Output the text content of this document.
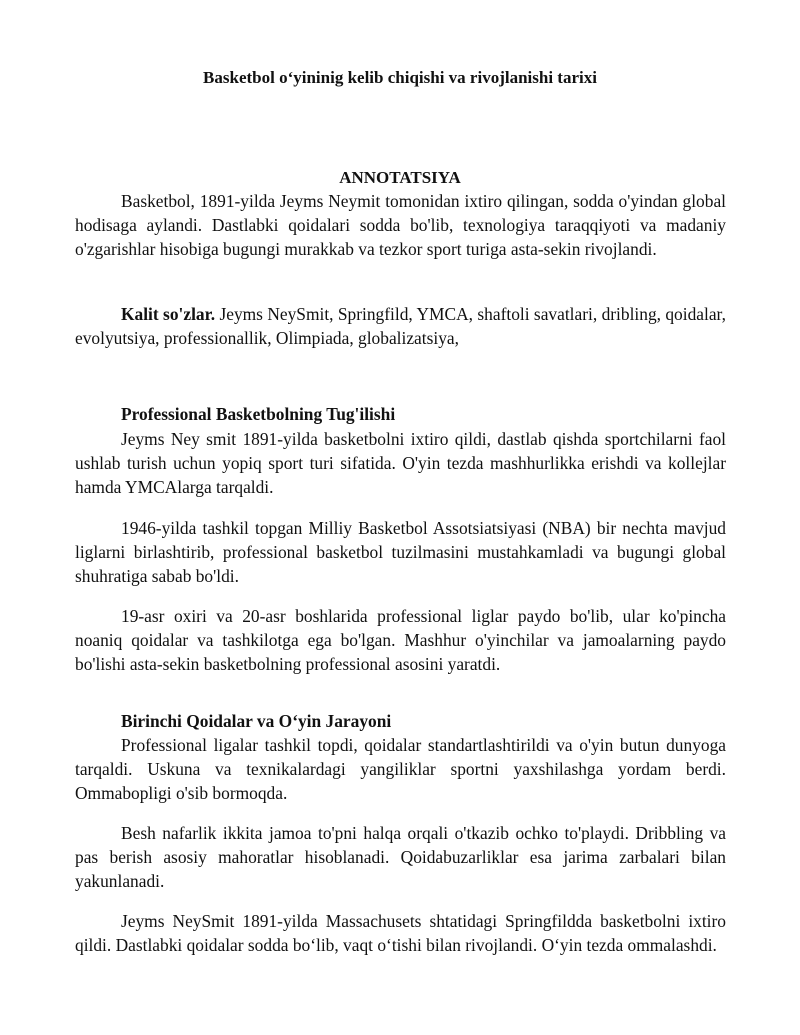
Basketbol o‘yininig kelib chiqishi va rivojlanishi tarixi
ANNOTATSIYA

Basketbol, 1891-yilda Jeyms Neymit tomonidan ixtiro qilingan, sodda o'yindan global hodisaga aylandi. Dastlabki qoidalari sodda bo'lib, texnologiya taraqqiyoti va madaniy o'zgarishlar hisobiga bugungi murakkab va tezkor sport turiga asta-sekin rivojlandi.

Kalit so'zlar. Jeyms NeySmit, Springfild, YMCA, shaftoli savatlari, dribling, qoidalar, evolyutsiya, professionallik, Olimpiada, globalizatsiya,

Professional Basketbolning Tug'ilishi

Jeyms Ney smit 1891-yilda basketbolni ixtiro qildi, dastlab qishda sportchilarni faol ushlab turish uchun yopiq sport turi sifatida. O'yin tezda mashhurlikka erishdi va kollejlar hamda YMCAlarga tarqaldi.

1946-yilda tashkil topgan Milliy Basketbol Assotsiatsiyasi (NBA) bir nechta mavjud liglarni birlashtirib, professional basketbol tuzilmasini mustahkamladi va bugungi global shuhratiga sabab bo'ldi.

19-asr oxiri va 20-asr boshlarida professional liglar paydo bo'lib, ular ko'pincha noaniq qoidalar va tashkilotga ega bo'lgan. Mashhur o'yinchilar va jamoalarning paydo bo'lishi asta-sekin basketbolning professional asosini yaratdi.

Birinchi Qoidalar va O‘yin Jarayoni

Professional ligalar tashkil topdi, qoidalar standartlashtirildi va o'yin butun dunyoga tarqaldi. Uskuna va texnikalardagi yangiliklar sportni yaxshilashga yordam berdi. Ommabopligi o'sib bormoqda.

Besh nafarlik ikkita jamoa to'pni halqa orqali o'tkazib ochko to'playdi. Dribbling va pas berish asosiy mahoratlar hisoblanadi. Qoidabuzarliklar esa jarima zarbalari bilan yakunlanadi.

Jeyms NeySmit 1891-yilda Massachusets shtatidagi Springfildda basketbolni ixtiro qildi. Dastlabki qoidalar sodda bo‘lib, vaqt o‘tishi bilan rivojlandi. O‘yin tezda ommalashdi.
